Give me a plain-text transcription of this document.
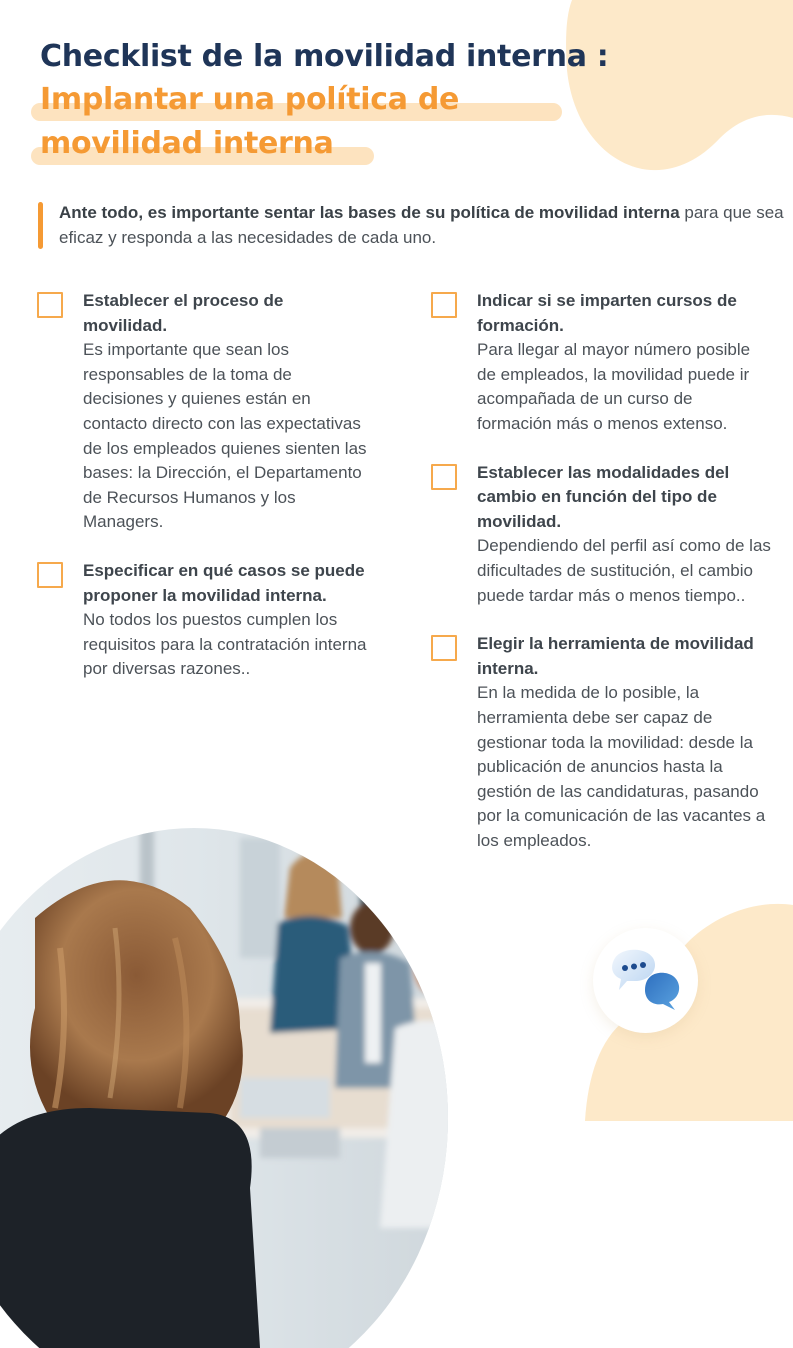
Checklist de la movilidad interna :
Implantar una política de
movilidad interna
Ante todo, es importante sentar las bases de su política de movilidad interna para que sea eficaz y responda a las necesidades de cada uno.
Establecer el proceso de movilidad.
Es importante que sean los responsables de la toma de decisiones y quienes están en contacto directo con las expectativas de los empleados quienes sienten las bases: la Dirección, el Departamento de Recursos Humanos y los Managers.
Especificar en qué casos se puede proponer la movilidad interna.
No todos los puestos cumplen los requisitos para la contratación interna por diversas razones..
Indicar si se imparten cursos de formación.
Para llegar al mayor número posible de empleados, la movilidad puede ir acompañada de un curso de formación más o menos extenso.
Establecer las modalidades del cambio en función del tipo de movilidad.
Dependiendo del perfil así como de las dificultades de sustitución, el cambio puede tardar más o menos tiempo..
Elegir la herramienta de movilidad interna.
En la medida de lo posible, la herramienta debe ser capaz de gestionar toda la movilidad: desde la publicación de anuncios hasta la gestión de las candidaturas, pasando por la comunicación de las vacantes a los empleados.
